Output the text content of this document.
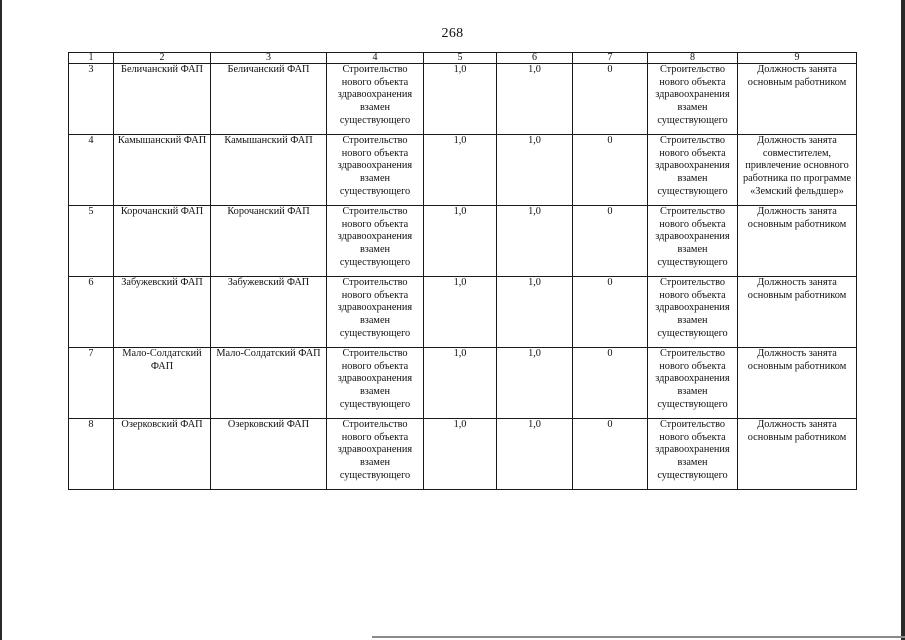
268
1	2	3	4	5	6	7	8	9
3	Беличанский ФАП	Беличанский ФАП	Строительство нового объекта здравоохранения взамен существующего	1,0	1,0	0	Строительство нового объекта здравоохранения взамен существующего	Должность занята основным работником
4	Камышанский ФАП	Камышанский ФАП	Строительство нового объекта здравоохранения взамен существующего	1,0	1,0	0	Строительство нового объекта здравоохранения взамен существующего	Должность занята совместителем, привлечение основного работника по программе «Земский фельдшер»
5	Корочанский ФАП	Корочанский ФАП	Строительство нового объекта здравоохранения взамен существующего	1,0	1,0	0	Строительство нового объекта здравоохранения взамен существующего	Должность занята основным работником
6	Забужевский ФАП	Забужевский ФАП	Строительство нового объекта здравоохранения взамен существующего	1,0	1,0	0	Строительство нового объекта здравоохранения взамен существующего	Должность занята основным работником
7	Мало-Солдатский ФАП	Мало-Солдатский ФАП	Строительство нового объекта здравоохранения взамен существующего	1,0	1,0	0	Строительство нового объекта здравоохранения взамен существующего	Должность занята основным работником
8	Озерковский ФАП	Озерковский ФАП	Строительство нового объекта здравоохранения взамен существующего	1,0	1,0	0	Строительство нового объекта здравоохранения взамен существующего	Должность занята основным работником
